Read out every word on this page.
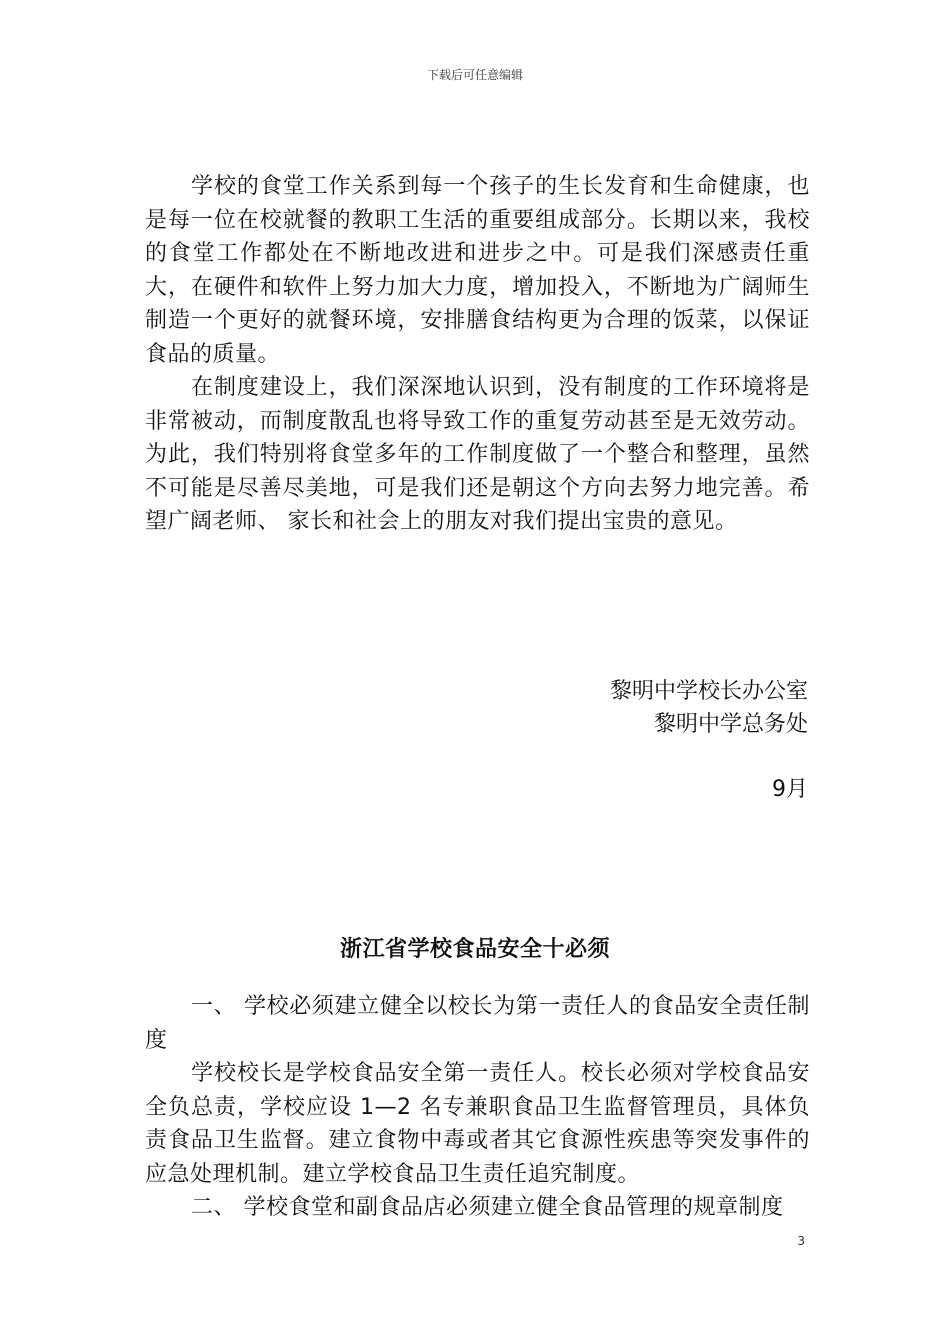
下载后可任意编辑

学校的食堂工作关系到每一个孩子的生长发育和生命健康，也是每一位在校就餐的教职工生活的重要组成部分。长期以来，我校的食堂工作都处在不断地改进和进步之中。可是我们深感责任重大，在硬件和软件上努力加大力度，增加投入，不断地为广阔师生制造一个更好的就餐环境，安排膳食结构更为合理的饭菜，以保证食品的质量。

在制度建设上，我们深深地认识到，没有制度的工作环境将是非常被动，而制度散乱也将导致工作的重复劳动甚至是无效劳动。为此，我们特别将食堂多年的工作制度做了一个整合和整理，虽然不可能是尽善尽美地，可是我们还是朝这个方向去努力地完善。希望广阔老师、 家长和社会上的朋友对我们提出宝贵的意见。

黎明中学校长办公室
黎明中学总务处
9月
浙江省学校食品安全十必须

一、 学校必须建立健全以校长为第一责任人的食品安全责任制度

学校校长是学校食品安全第一责任人。校长必须对学校食品安全负总责，学校应设 1—2 名专兼职食品卫生监督管理员，具体负责食品卫生监督。建立食物中毒或者其它食源性疾患等突发事件的应急处理机制。建立学校食品卫生责任追究制度。

二、 学校食堂和副食品店必须建立健全食品管理的规章制度

3
